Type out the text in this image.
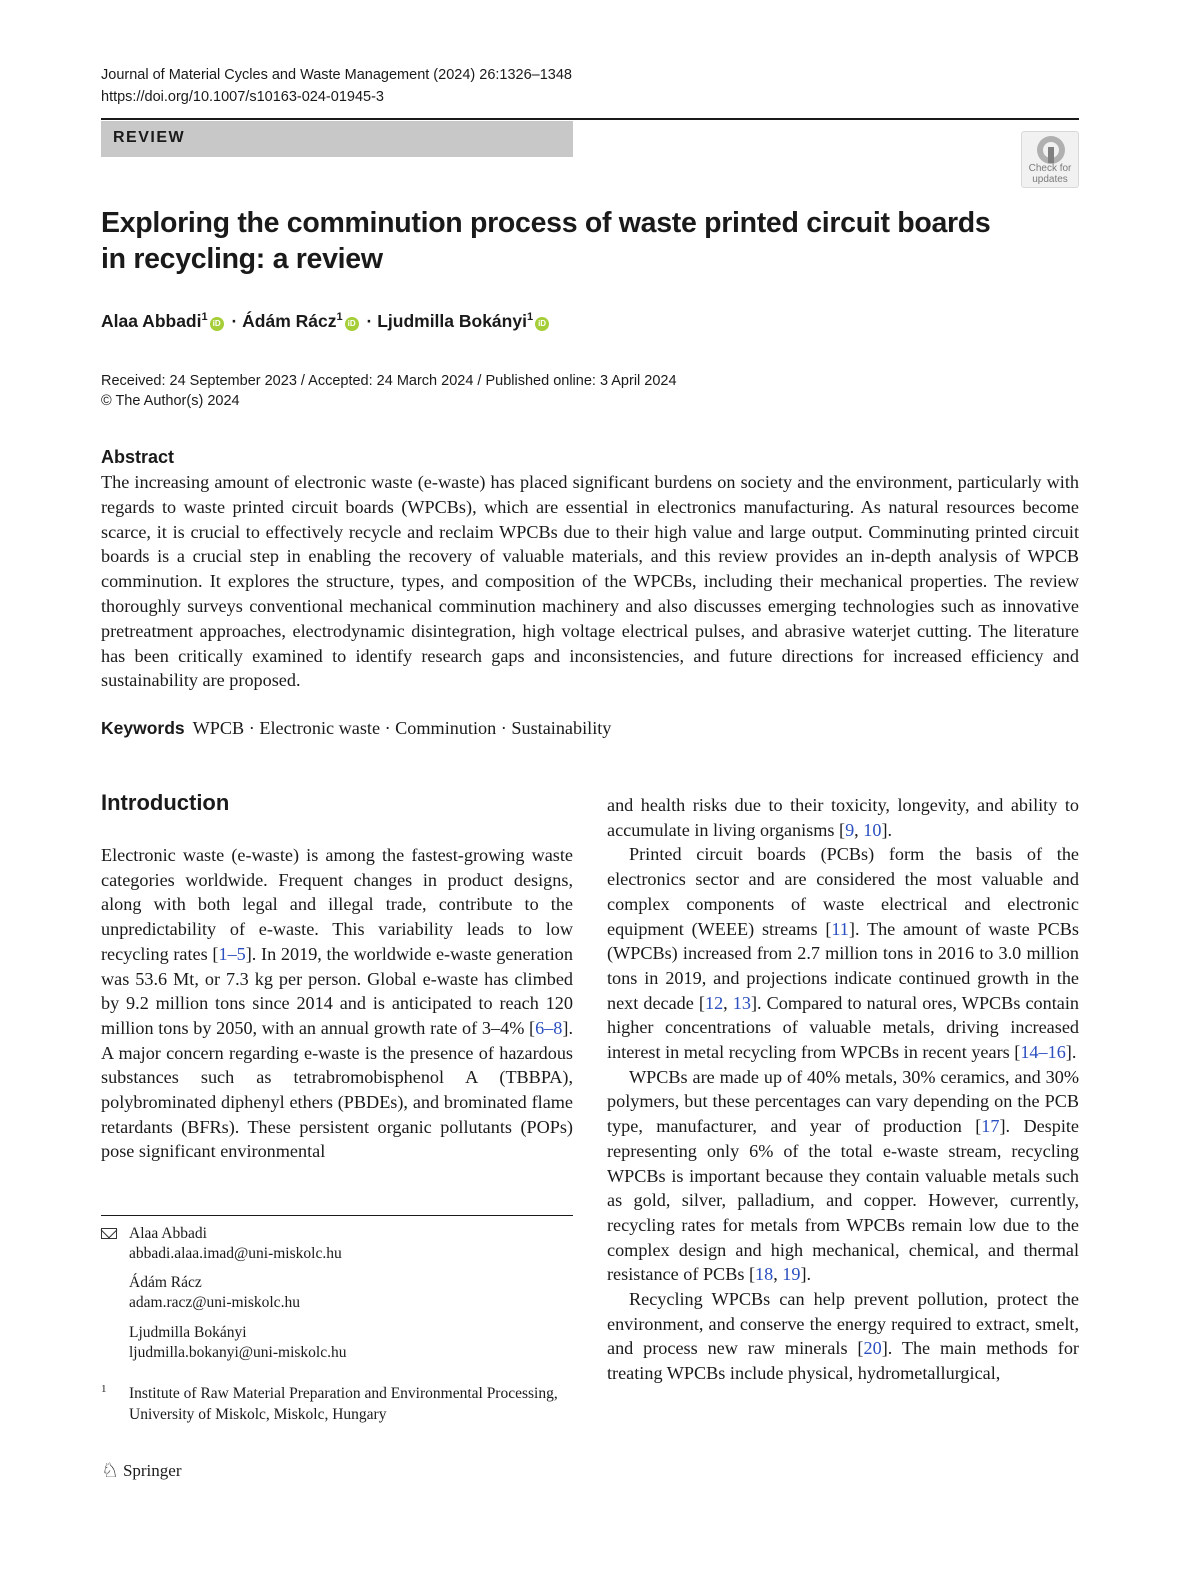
Journal of Material Cycles and Waste Management (2024) 26:1326–1348
https://doi.org/10.1007/s10163-024-01945-3
REVIEW
Check for updates
Exploring the comminution process of waste printed circuit boards
in recycling: a review
Alaa Abbadi$^1$iD · Ádám Rácz$^1$iD · Ljudmilla Bokányi$^1$iD
Received: 24 September 2023 / Accepted: 24 March 2024 / Published online: 3 April 2024
© The Author(s) 2024
Abstract
The increasing amount of electronic waste (e-waste) has placed significant burdens on society and the environment, particularly with regards to waste printed circuit boards (WPCBs), which are essential in electronics manufacturing. As natural resources become scarce, it is crucial to effectively recycle and reclaim WPCBs due to their high value and large output. Comminuting printed circuit boards is a crucial step in enabling the recovery of valuable materials, and this review provides an in-depth analysis of WPCB comminution. It explores the structure, types, and composition of the WPCBs, including their mechanical properties. The review thoroughly surveys conventional mechanical comminution machinery and also discusses emerging technologies such as innovative pretreatment approaches, electrodynamic disintegration, high voltage electrical pulses, and abrasive waterjet cutting. The literature has been critically examined to identify research gaps and inconsistencies, and future directions for increased efficiency and sustainability are proposed.
Keywords WPCB · Electronic waste · Comminution · Sustainability
Introduction

Electronic waste (e-waste) is among the fastest-growing waste categories worldwide. Frequent changes in product designs, along with both legal and illegal trade, contribute to the unpredictability of e-waste. This variability leads to low recycling rates [1–5]. In 2019, the worldwide e-waste generation was 53.6 Mt, or 7.3 kg per person. Global e-waste has climbed by 9.2 million tons since 2014 and is anticipated to reach 120 million tons by 2050, with an annual growth rate of 3–4% [6–8]. A major concern regarding e-waste is the presence of hazardous substances such as tetrabromobisphenol A (TBBPA), polybrominated diphenyl ethers (PBDEs), and brominated flame retardants (BFRs). These persistent organic pollutants (POPs) pose significant environmental

and health risks due to their toxicity, longevity, and ability to accumulate in living organisms [9, 10].

Printed circuit boards (PCBs) form the basis of the electronics sector and are considered the most valuable and complex components of waste electrical and electronic equipment (WEEE) streams [11]. The amount of waste PCBs (WPCBs) increased from 2.7 million tons in 2016 to 3.0 million tons in 2019, and projections indicate continued growth in the next decade [12, 13]. Compared to natural ores, WPCBs contain higher concentrations of valuable metals, driving increased interest in metal recycling from WPCBs in recent years [14–16].

WPCBs are made up of 40% metals, 30% ceramics, and 30% polymers, but these percentages can vary depending on the PCB type, manufacturer, and year of production [17]. Despite representing only 6% of the total e-waste stream, recycling WPCBs is important because they contain valuable metals such as gold, silver, palladium, and copper. However, currently, recycling rates for metals from WPCBs remain low due to the complex design and high mechanical, chemical, and thermal resistance of PCBs [18, 19].

Recycling WPCBs can help prevent pollution, protect the environment, and conserve the energy required to extract, smelt, and process new raw minerals [20]. The main methods for treating WPCBs include physical, hydrometallurgical,

Alaa Abbadi
abbadi.alaa.imad@uni-miskolc.hu
Ádám Rácz
adam.racz@uni-miskolc.hu
Ljudmilla Bokányi
ljudmilla.bokanyi@uni-miskolc.hu
1 Institute of Raw Material Preparation and Environmental Processing, University of Miskolc, Miskolc, Hungary
♘ Springer
